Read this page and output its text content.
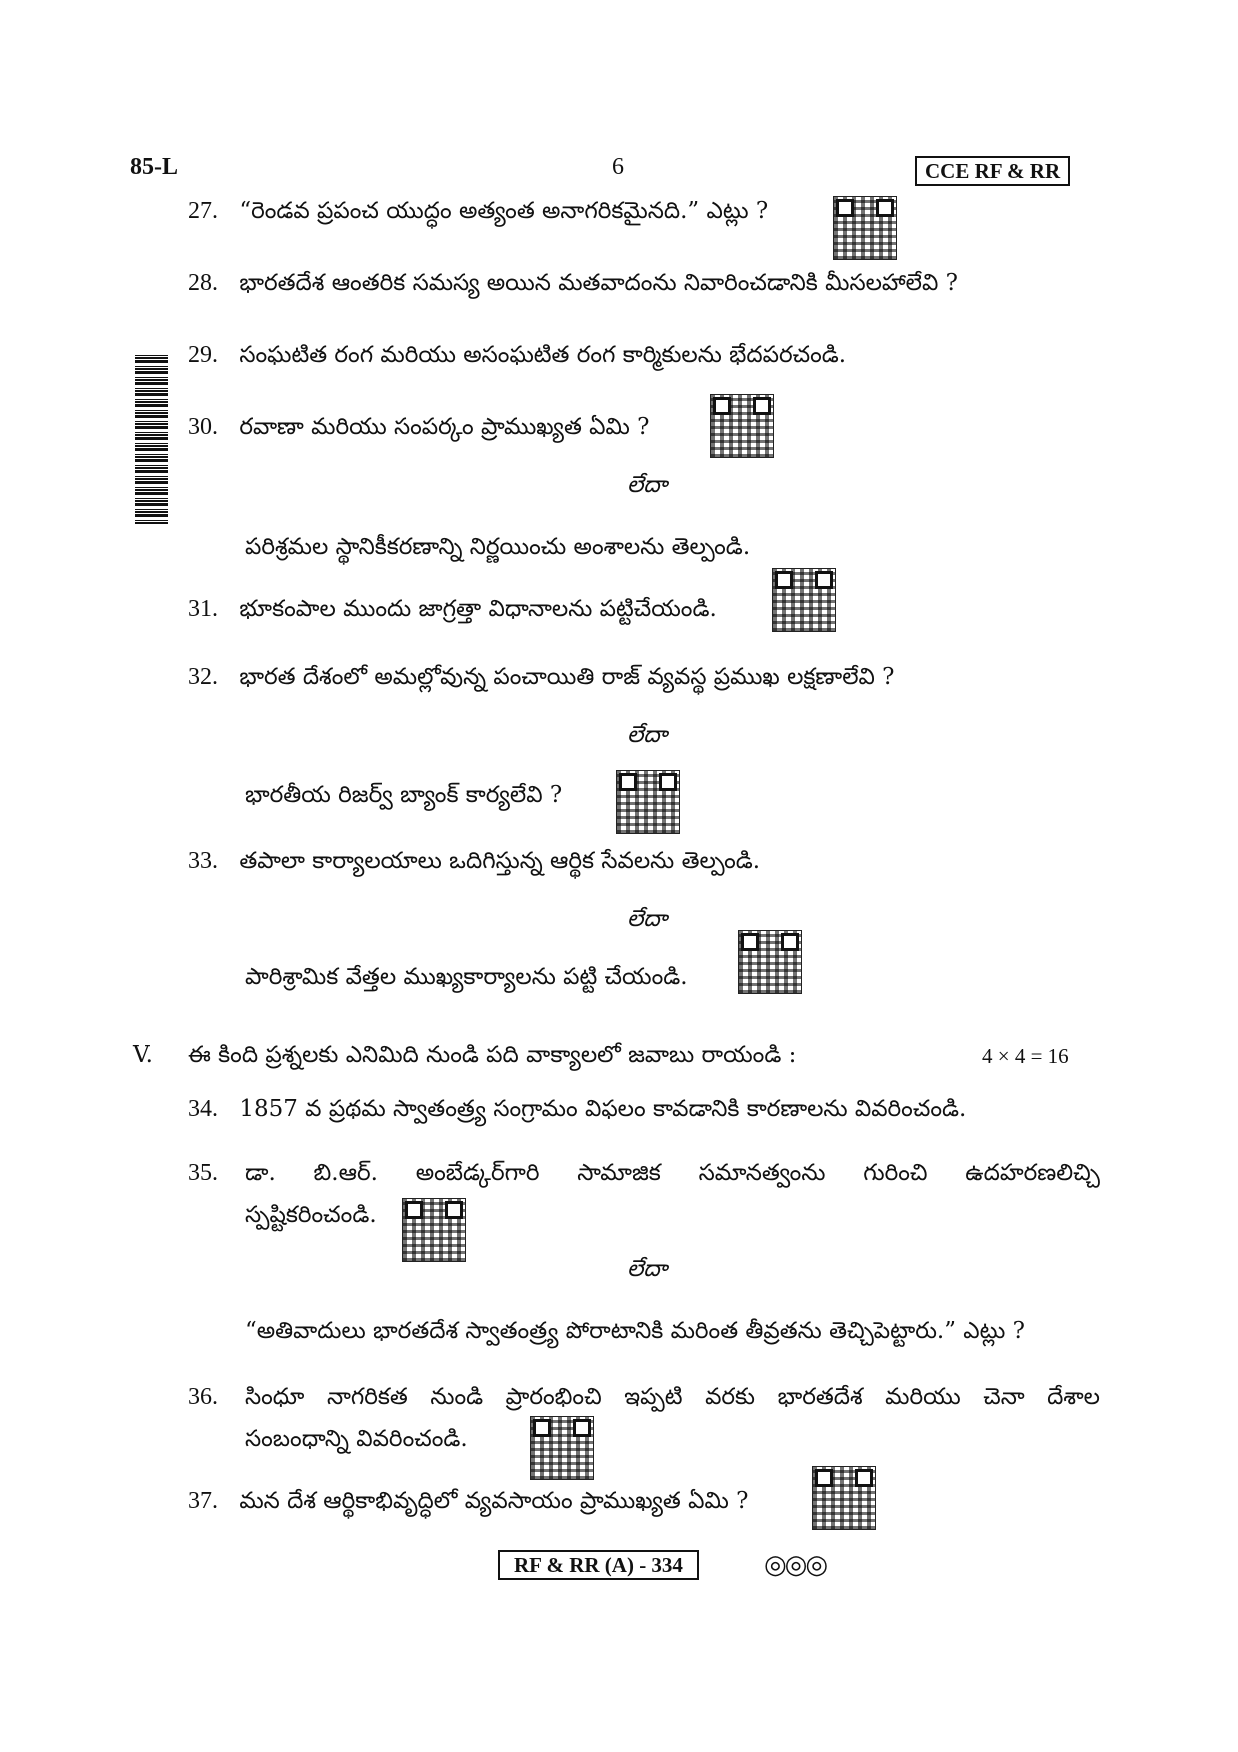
85-L	6	CCE RF & RR
27. “రెండవ ప్రపంచ యుద్ధం అత్యంత అనాగరికమైనది.” ఎట్లు ?
28. భారతదేశ ఆంతరిక సమస్య అయిన మతవాదంను నివారించడానికి మీసలహాలేవి ?
29. సంఘటిత రంగ మరియు అసంఘటిత రంగ కార్మికులను భేదపరచండి.
30. రవాణా మరియు సంపర్కం ప్రాముఖ్యత ఏమి ?
లేదా
పరిశ్రమల స్థానికీకరణాన్ని నిర్ణయించు అంశాలను తెల్పండి.
31. భూకంపాల ముందు జాగ్రత్తా విధానాలను పట్టిచేయండి.
32. భారత దేశంలో అమల్లోవున్న పంచాయితి రాజ్ వ్యవస్థ ప్రముఖ లక్షణాలేవి ?
లేదా
భారతీయ రిజర్వ్ బ్యాంక్ కార్యలేవి ?
33. తపాలా కార్యాలయాలు ఒదిగిస్తున్న ఆర్థిక సేవలను తెల్పండి.
లేదా
పారిశ్రామిక వేత్తల ముఖ్యకార్యాలను పట్టి చేయండి.
V. ఈ కింది ప్రశ్నలకు ఎనిమిది నుండి పది వాక్యాలలో జవాబు రాయండి :	4 × 4 = 16
34. 1857 వ ప్రథమ స్వాతంత్ర్య సంగ్రామం విఫలం కావడానికి కారణాలను వివరించండి.
35. డా. బి.ఆర్. అంబేడ్కర్‌గారి సామాజిక సమానత్వంను గురించి ఉదహరణలిచ్చి
స్పష్టికరించండి.
లేదా
“అతివాదులు భారతదేశ స్వాతంత్ర్య పోరాటానికి మరింత తీవ్రతను తెచ్చిపెట్టారు.” ఎట్లు ?
36. సింధూ నాగరికత నుండి ప్రారంభించి ఇప్పటి వరకు భారతదేశ మరియు చెనా దేశాల
సంబంధాన్ని వివరించండి.
37. మన దేశ ఆర్థికాభివృద్ధిలో వ్యవసాయం ప్రాముఖ్యత ఏమి ?
RF & RR (A) - 334	◎◎◎
